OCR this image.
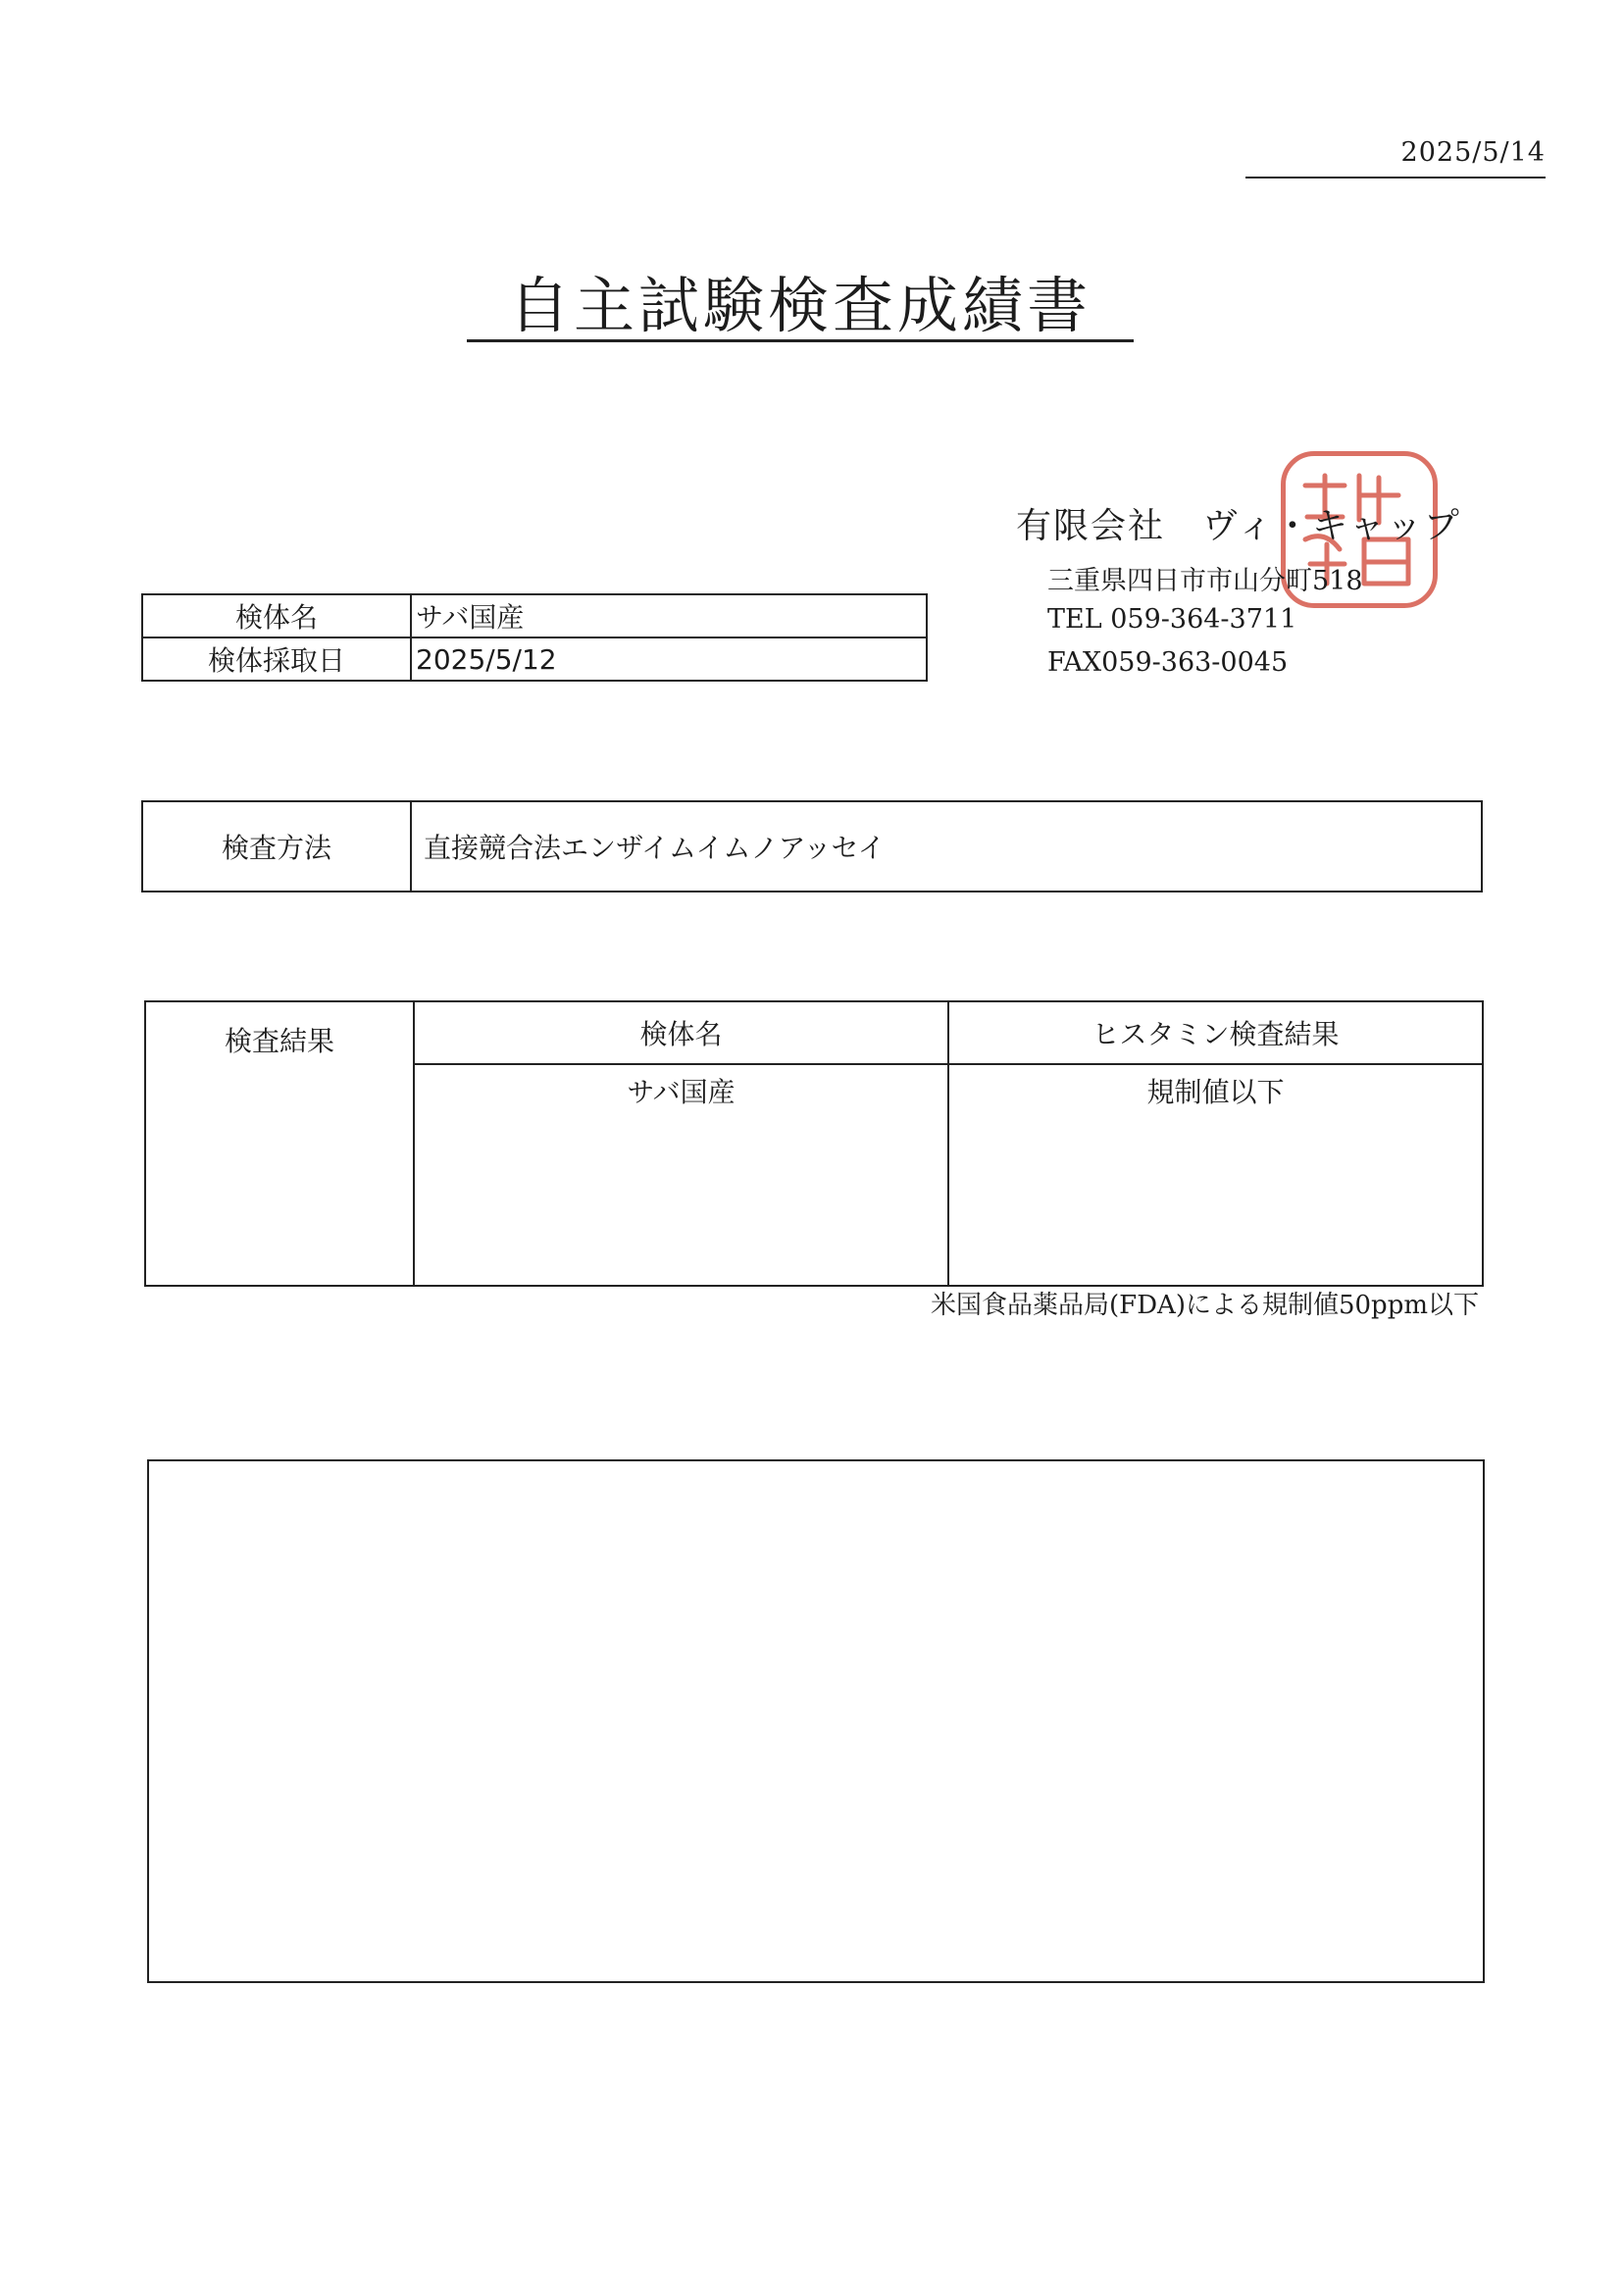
2025/5/14
自主試験検査成績書
有限会社　ヴィ・キャップ
三重県四日市市山分町518
TEL 059-364-3711
FAX059-363-0045
検体名	サバ国産
検体採取日	2025/5/12
検査方法	直接競合法エンザイムイムノアッセイ
検査結果	検体名	ヒスタミン検査結果
	サバ国産	規制値以下
米国食品薬品局(FDA)による規制値50ppm以下
